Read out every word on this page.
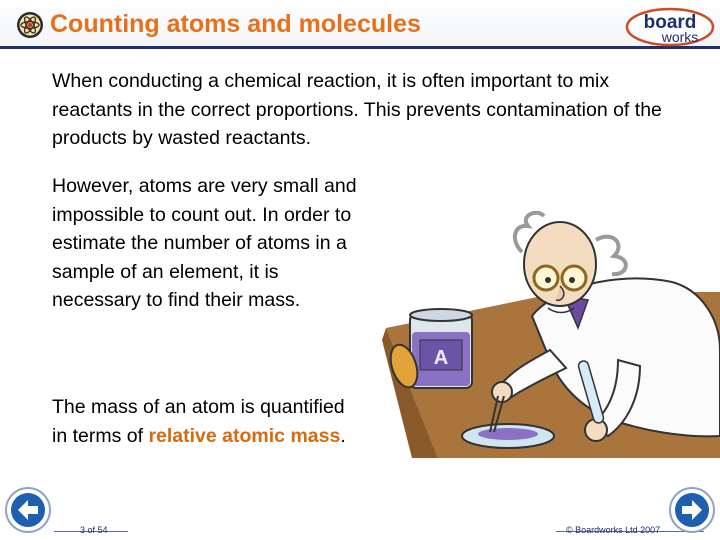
Counting atoms and molecules	board
works
When conducting a chemical reaction, it is often important to mix reactants in the correct proportions. This prevents contamination of the products by wasted reactants.
However, atoms are very small and impossible to count out. In order to estimate the number of atoms in a sample of an element, it is necessary to find their mass.
The mass of an atom is quantified in terms of relative atomic mass.
A
3 of 54	© Boardworks Ltd 2007
